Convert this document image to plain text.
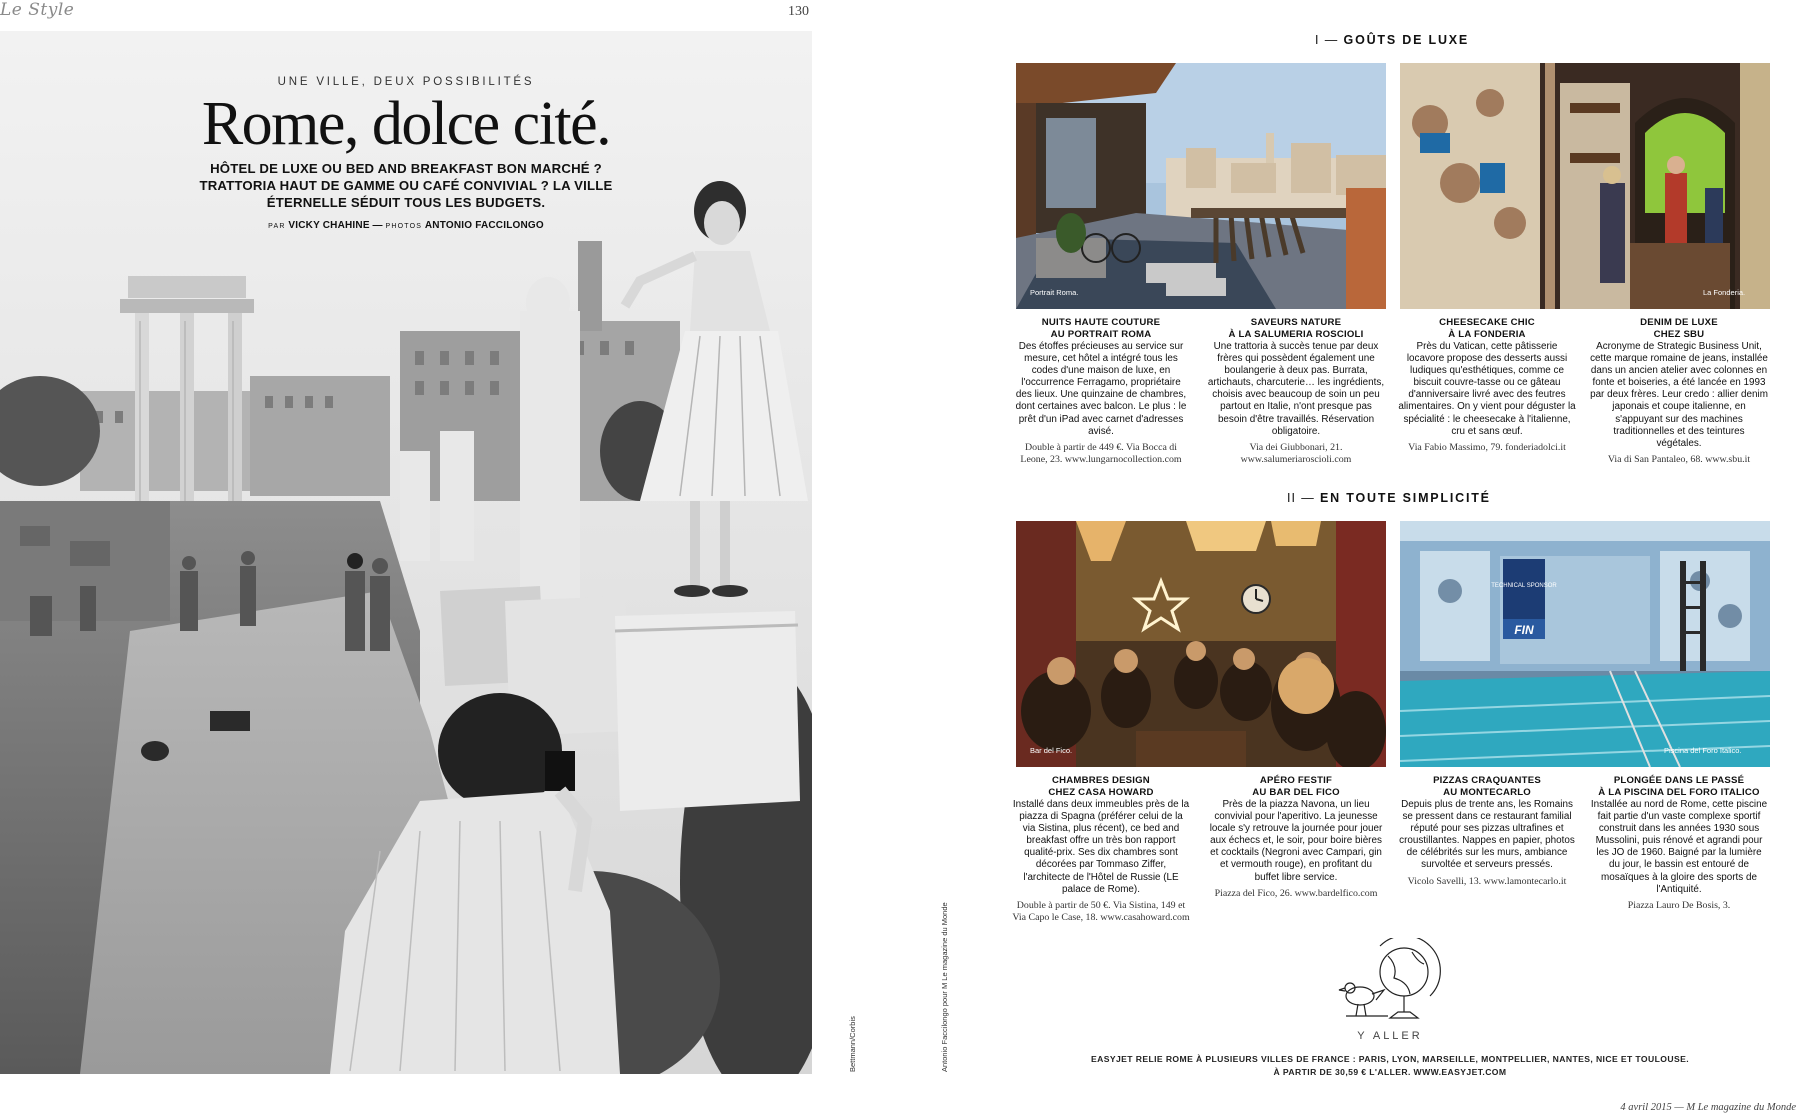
Le Style	130
UNE VILLE, DEUX POSSIBILITÉS
Rome, dolce cité.
HÔTEL DE LUXE OU BED AND BREAKFAST BON MARCHÉ ? TRATTORIA HAUT DE GAMME OU CAFÉ CONVIVIAL ? LA VILLE ÉTERNELLE SÉDUIT TOUS LES BUDGETS.
PAR VICKY CHAHINE — PHOTOS ANTONIO FACCILONGO
Bettmann/Corbis	Antonio Faccilongo pour M Le magazine du Monde
I — GOÛTS DE LUXE
Portrait Roma.	La Fonderia.
NUITS HAUTE COUTURE
AU PORTRAIT ROMA
Des étoffes précieuses au service sur mesure, cet hôtel a intégré tous les codes d'une maison de luxe, en l'occurrence Ferragamo, propriétaire des lieux. Une quinzaine de chambres, dont certaines avec balcon. Le plus : le prêt d'un iPad avec carnet d'adresses avisé.
Double à partir de 449 €. Via Bocca di Leone, 23. www.lungarnocollection.com
SAVEURS NATURE
À LA SALUMERIA ROSCIOLI
Une trattoria à succès tenue par deux frères qui possèdent également une boulangerie à deux pas. Burrata, artichauts, charcuterie… les ingrédients, choisis avec beaucoup de soin un peu partout en Italie, n'ont presque pas besoin d'être travaillés. Réservation obligatoire.
Via dei Giubbonari, 21. www.salumeriaroscioli.com
CHEESECAKE CHIC
À LA FONDERIA
Près du Vatican, cette pâtisserie locavore propose des desserts aussi ludiques qu'esthétiques, comme ce biscuit couvre-tasse ou ce gâteau d'anniversaire livré avec des feutres alimentaires. On y vient pour déguster la spécialité : le cheesecake à l'italienne, cru et sans œuf.
Via Fabio Massimo, 79. fonderiadolci.it
DENIM DE LUXE
CHEZ SBU
Acronyme de Strategic Business Unit, cette marque romaine de jeans, installée dans un ancien atelier avec colonnes en fonte et boiseries, a été lancée en 1993 par deux frères. Leur credo : allier denim japonais et coupe italienne, en s'appuyant sur des machines traditionnelles et des teintures végétales.
Via di San Pantaleo, 68. www.sbu.it
II — EN TOUTE SIMPLICITÉ
Bar del Fico.
TECHNICAL SPONSOR
FIN
Piscina del Foro Italico.
CHAMBRES DESIGN
CHEZ CASA HOWARD
Installé dans deux immeubles près de la piazza di Spagna (préférer celui de la via Sistina, plus récent), ce bed and breakfast offre un très bon rapport qualité-prix. Ses dix chambres sont décorées par Tommaso Ziffer, l'architecte de l'Hôtel de Russie (LE palace de Rome).
Double à partir de 50 €. Via Sistina, 149 et Via Capo le Case, 18. www.casahoward.com
APÉRO FESTIF
AU BAR DEL FICO
Près de la piazza Navona, un lieu convivial pour l'aperitivo. La jeunesse locale s'y retrouve la journée pour jouer aux échecs et, le soir, pour boire bières et cocktails (Negroni avec Campari, gin et vermouth rouge), en profitant du buffet libre service.
Piazza del Fico, 26. www.bardelfico.com
PIZZAS CRAQUANTES
AU MONTECARLO
Depuis plus de trente ans, les Romains se pressent dans ce restaurant familial réputé pour ses pizzas ultrafines et croustillantes. Nappes en papier, photos de célébrités sur les murs, ambiance survoltée et serveurs pressés.
Vicolo Savelli, 13. www.lamontecarlo.it
PLONGÉE DANS LE PASSÉ
À LA PISCINA DEL FORO ITALICO
Installée au nord de Rome, cette piscine fait partie d'un vaste complexe sportif construit dans les années 1930 sous Mussolini, puis rénové et agrandi pour les JO de 1960. Baigné par la lumière du jour, le bassin est entouré de mosaïques à la gloire des sports de l'Antiquité.
Piazza Lauro De Bosis, 3.
Y ALLER
EASYJET RELIE ROME À PLUSIEURS VILLES DE FRANCE : PARIS, LYON, MARSEILLE, MONTPELLIER, NANTES, NICE ET TOULOUSE.
À PARTIR DE 30,59 € L'ALLER. WWW.EASYJET.COM
4 avril 2015 — M Le magazine du Monde
